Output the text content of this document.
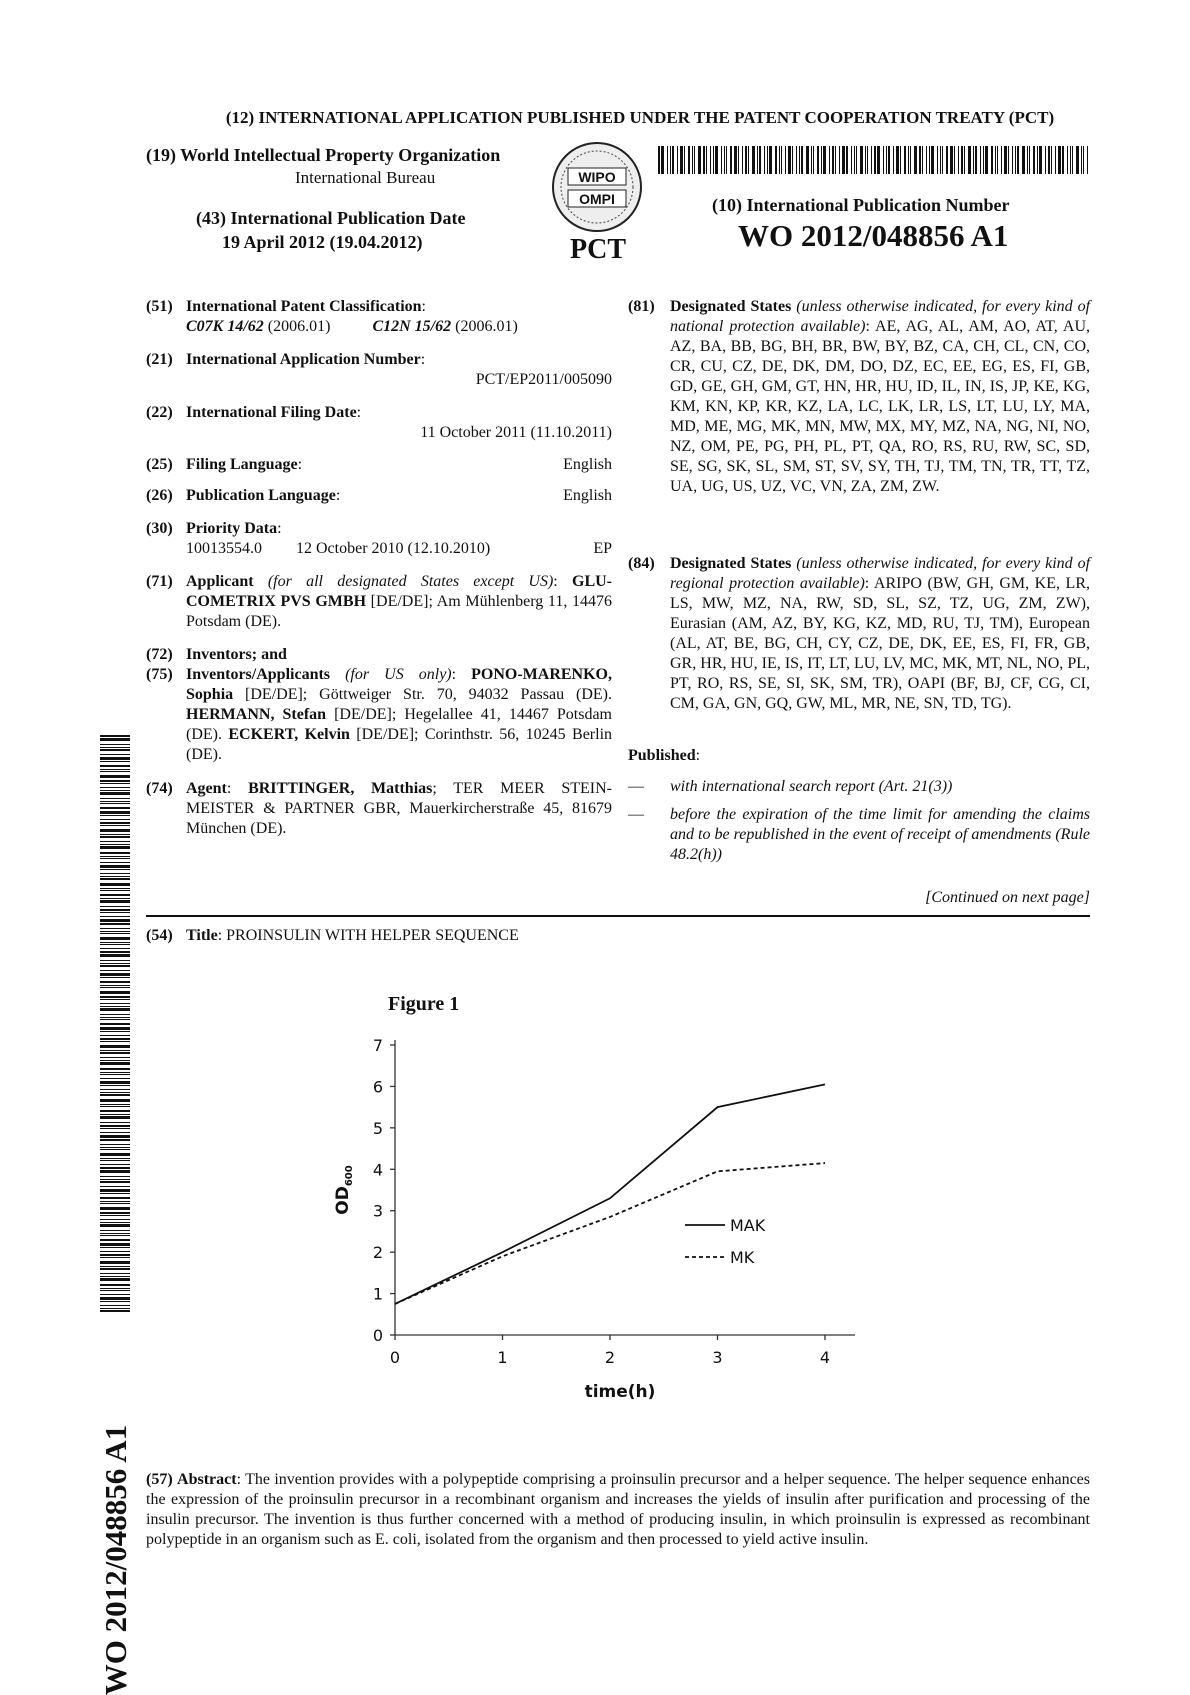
(12) INTERNATIONAL APPLICATION PUBLISHED UNDER THE PATENT COOPERATION TREATY (PCT)
(19) World Intellectual Property Organization
International Bureau
(43) International Publication Date
19 April 2012 (19.04.2012)
WIPO
OMPI
PCT
(10) International Publication Number
WO 2012/048856 A1
(51) International Patent Classification:
C07K 14/62 (2006.01)	C12N 15/62 (2006.01)
(21) International Application Number:
PCT/EP2011/005090
(22) International Filing Date:
11 October 2011 (11.10.2011)
(25) Filing Language:	English
(26) Publication Language:	English
(30) Priority Data:
10013554.0 12 October 2010 (12.10.2010)	EP
(71) Applicant (for all designated States except US): GLU-COMETRIX PVS GMBH [DE/DE]; Am Mühlenberg 11, 14476 Potsdam (DE).
(72) Inventors; and
(75) Inventors/Applicants (for US only): PONO-MARENKO, Sophia [DE/DE]; Göttweiger Str. 70, 94032 Passau (DE). HERMANN, Stefan [DE/DE]; Hegelallee 41, 14467 Potsdam (DE). ECKERT, Kelvin [DE/DE]; Corinthstr. 56, 10245 Berlin (DE).
(74) Agent: BRITTINGER, Matthias; TER MEER STEIN-MEISTER & PARTNER GBR, Mauerkircherstraße 45, 81679 München (DE).
(81) Designated States (unless otherwise indicated, for every kind of national protection available): AE, AG, AL, AM, AO, AT, AU, AZ, BA, BB, BG, BH, BR, BW, BY, BZ, CA, CH, CL, CN, CO, CR, CU, CZ, DE, DK, DM, DO, DZ, EC, EE, EG, ES, FI, GB, GD, GE, GH, GM, GT, HN, HR, HU, ID, IL, IN, IS, JP, KE, KG, KM, KN, KP, KR, KZ, LA, LC, LK, LR, LS, LT, LU, LY, MA, MD, ME, MG, MK, MN, MW, MX, MY, MZ, NA, NG, NI, NO, NZ, OM, PE, PG, PH, PL, PT, QA, RO, RS, RU, RW, SC, SD, SE, SG, SK, SL, SM, ST, SV, SY, TH, TJ, TM, TN, TR, TT, TZ, UA, UG, US, UZ, VC, VN, ZA, ZM, ZW.
(84) Designated States (unless otherwise indicated, for every kind of regional protection available): ARIPO (BW, GH, GM, KE, LR, LS, MW, MZ, NA, RW, SD, SL, SZ, TZ, UG, ZM, ZW), Eurasian (AM, AZ, BY, KG, KZ, MD, RU, TJ, TM), European (AL, AT, BE, BG, CH, CY, CZ, DE, DK, EE, ES, FI, FR, GB, GR, HR, HU, IE, IS, IT, LT, LU, LV, MC, MK, MT, NL, NO, PL, PT, RO, RS, SE, SI, SK, SM, TR), OAPI (BF, BJ, CF, CG, CI, CM, GA, GN, GQ, GW, ML, MR, NE, SN, TD, TG).
Published:
— with international search report (Art. 21(3))
— before the expiration of the time limit for amending the claims and to be republished in the event of receipt of amendments (Rule 48.2(h))
[Continued on next page]
(54) Title: PROINSULIN WITH HELPER SEQUENCE
Figure 1
0
1
2
3
4
5
6
7
0	1	2	3	4
time(h)
$OD_{600}$
MAK
MK
(57) Abstract: The invention provides with a polypeptide comprising a proinsulin precursor and a helper sequence. The helper sequence enhances the expression of the proinsulin precursor in a recombinant organism and increases the yields of insulin after purification and processing of the insulin precursor. The invention is thus further concerned with a method of producing insulin, in which proinsulin is expressed as recombinant polypeptide in an organism such as E. coli, isolated from the organism and then processed to yield active insulin.
WO 2012/048856 A1
